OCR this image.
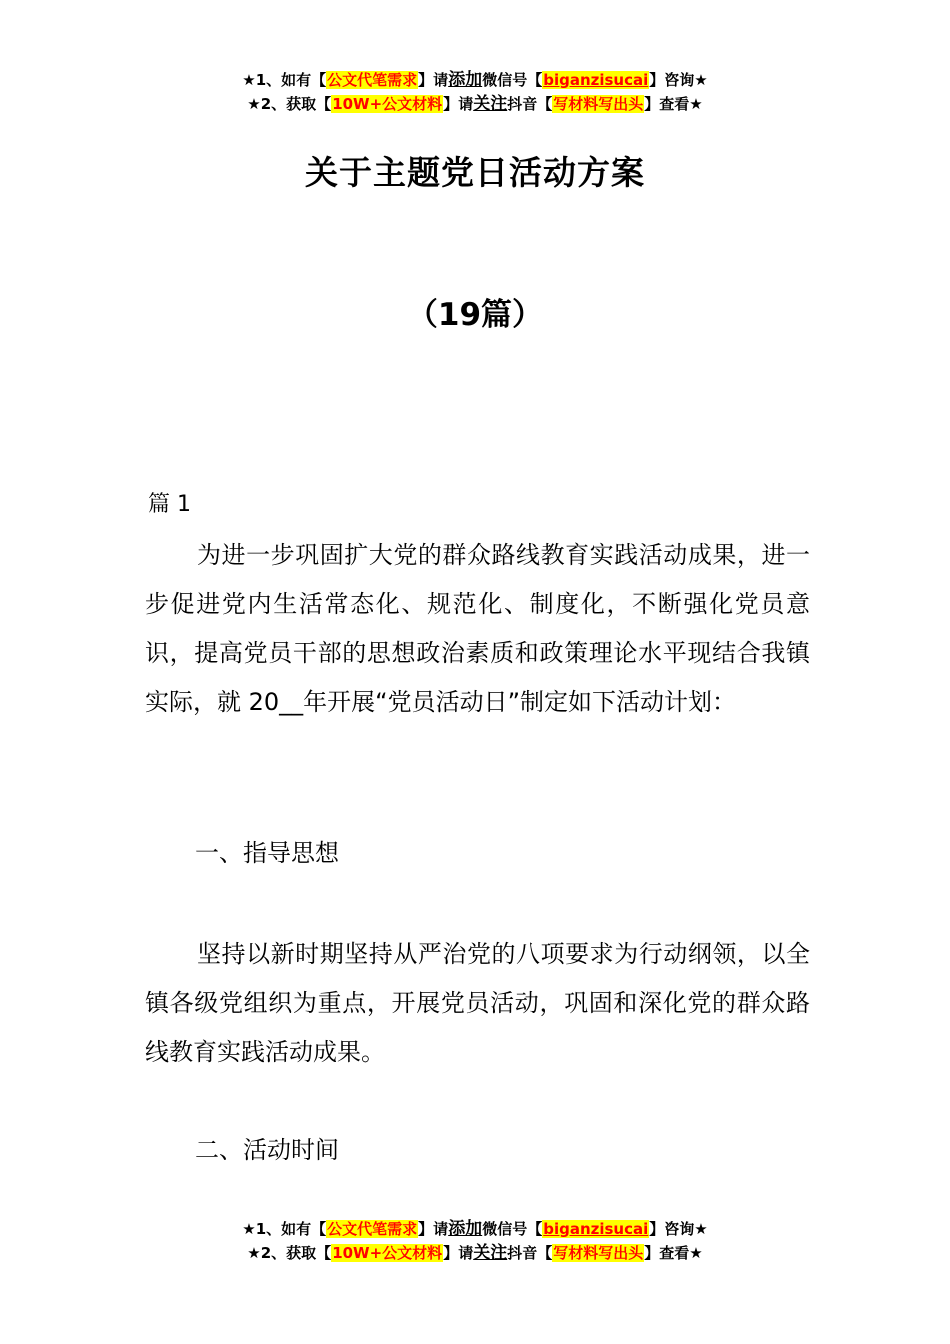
★1、如有【公文代笔需求】请添加微信号【biganzisucai】咨询★
★2、获取【10W+公文材料】请关注抖音【写材料写出头】查看★
关于主题党日活动方案
（19篇）
篇 1
为进一步巩固扩大党的群众路线教育实践活动成果，进一步促进党内生活常态化、规范化、制度化，不断强化党员意识，提高党员干部的思想政治素质和政策理论水平现结合我镇实际，就 20__年开展“党员活动日”制定如下活动计划：
一、指导思想
坚持以新时期坚持从严治党的八项要求为行动纲领，以全镇各级党组织为重点，开展党员活动，巩固和深化党的群众路线教育实践活动成果。
二、活动时间
★1、如有【公文代笔需求】请添加微信号【biganzisucai】咨询★
★2、获取【10W+公文材料】请关注抖音【写材料写出头】查看★
